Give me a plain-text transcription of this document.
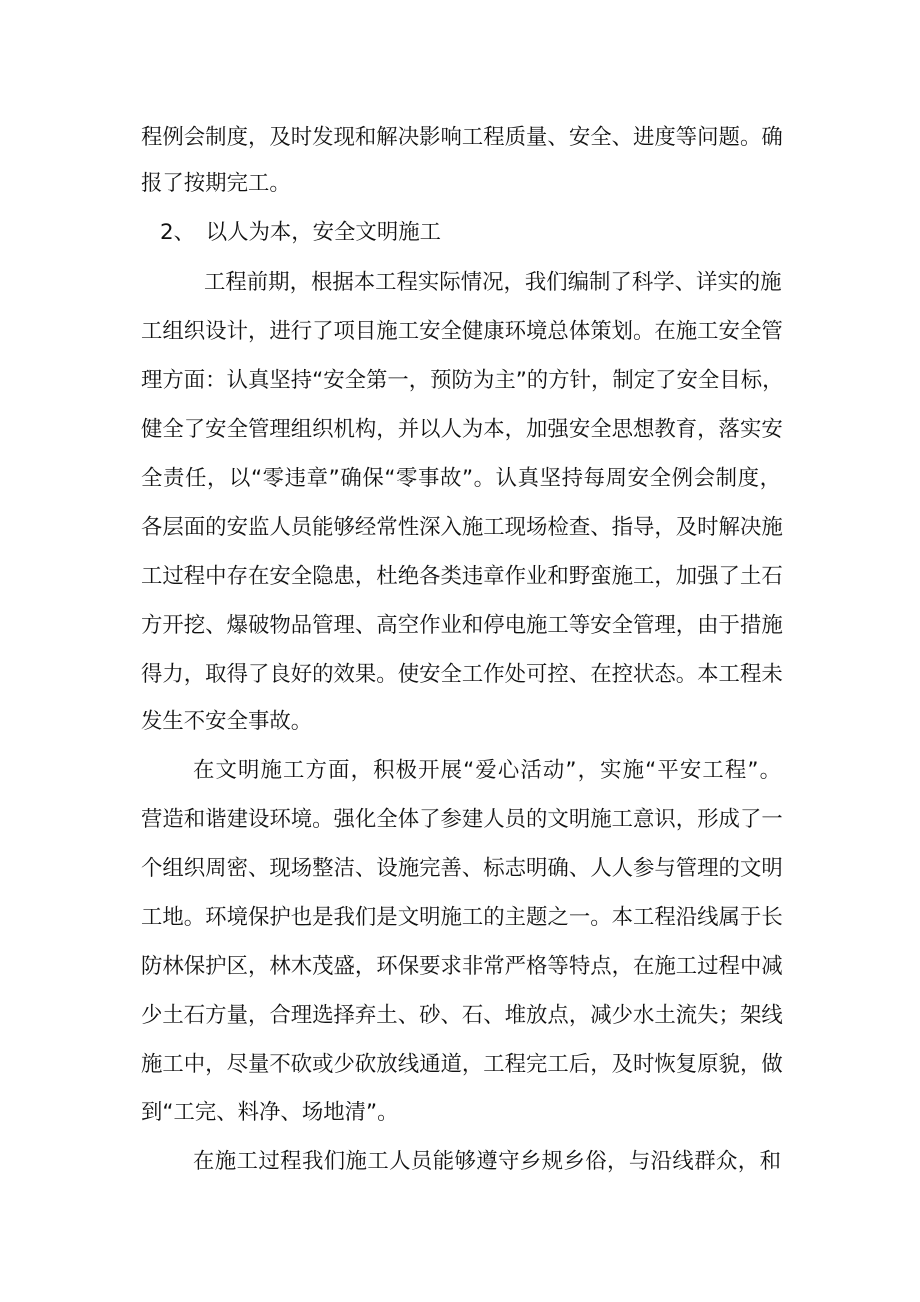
程例会制度，及时发现和解决影响工程质量、安全、进度等问题。确

报了按期完工。

2、　以人为本，安全文明施工

工程前期，根据本工程实际情况，我们编制了科学、详实的施

工组织设计，进行了项目施工安全健康环境总体策划。在施工安全管

理方面：认真坚持“安全第一，预防为主”的方针，制定了安全目标，

健全了安全管理组织机构，并以人为本，加强安全思想教育，落实安

全责任，以“零违章”确保“零事故”。认真坚持每周安全例会制度，

各层面的安监人员能够经常性深入施工现场检查、指导，及时解决施

工过程中存在安全隐患，杜绝各类违章作业和野蛮施工，加强了土石

方开挖、爆破物品管理、高空作业和停电施工等安全管理，由于措施

得力，取得了良好的效果。使安全工作处可控、在控状态。本工程未

发生不安全事故。

在文明施工方面，积极开展“爱心活动”，实施“平安工程”。

营造和谐建设环境。强化全体了参建人员的文明施工意识，形成了一

个组织周密、现场整洁、设施完善、标志明确、人人参与管理的文明

工地。环境保护也是我们是文明施工的主题之一。本工程沿线属于长

防林保护区，林木茂盛，环保要求非常严格等特点，在施工过程中减

少土石方量，合理选择弃土、砂、石、堆放点，减少水土流失；架线

施工中，尽量不砍或少砍放线通道，工程完工后，及时恢复原貌，做

到“工完、料净、场地清”。

在施工过程我们施工人员能够遵守乡规乡俗，与沿线群众，和
